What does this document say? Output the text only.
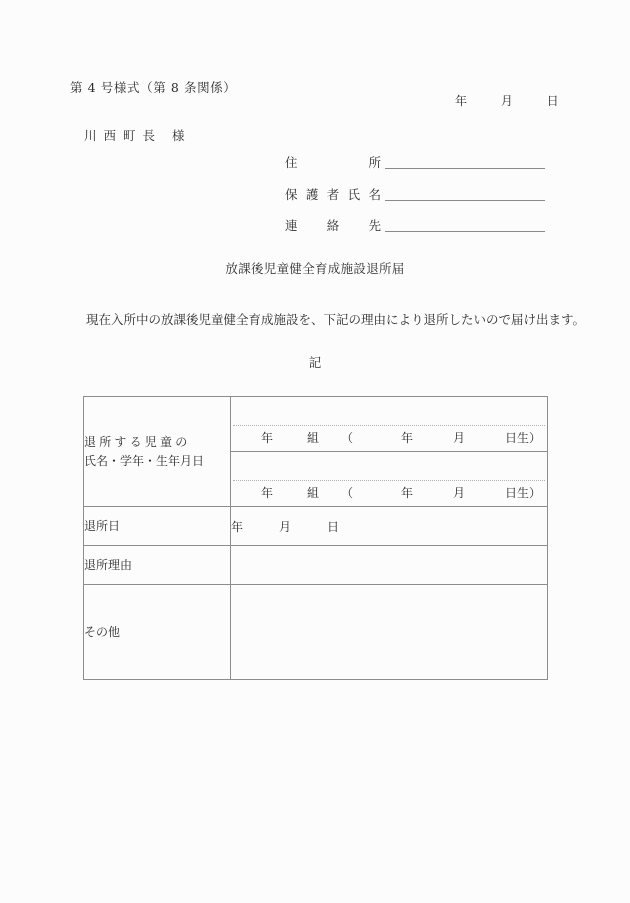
第 4 号様式（第 8 条関係）
年	月	日
川西町長 様
住　　所
保護者氏名
連　絡　先
放課後児童健全育成施設退所届
現在入所中の放課後児童健全育成施設を、下記の理由により退所したいので届け出ます。
記
退所する児童の
氏名・学年・生年月日	年 組 （ 年 月 日生）

	年 組 （ 年 月 日生）

退所日	年 月 日
退所理由	
その他	
